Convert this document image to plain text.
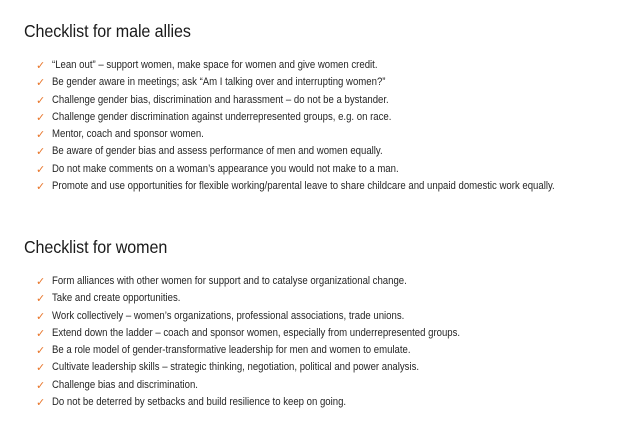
Checklist for male allies
✓ “Lean out” – support women, make space for women and give women credit.
✓ Be gender aware in meetings; ask “Am I talking over and interrupting women?”
✓ Challenge gender bias, discrimination and harassment – do not be a bystander.
✓ Challenge gender discrimination against underrepresented groups, e.g. on race.
✓ Mentor, coach and sponsor women.
✓ Be aware of gender bias and assess performance of men and women equally.
✓ Do not make comments on a woman’s appearance you would not make to a man.
✓ Promote and use opportunities for flexible working/parental leave to share childcare and unpaid domestic work equally.
Checklist for women
✓ Form alliances with other women for support and to catalyse organizational change.
✓ Take and create opportunities.
✓ Work collectively – women’s organizations, professional associations, trade unions.
✓ Extend down the ladder – coach and sponsor women, especially from underrepresented groups.
✓ Be a role model of gender-transformative leadership for men and women to emulate.
✓ Cultivate leadership skills – strategic thinking, negotiation, political and power analysis.
✓ Challenge bias and discrimination.
✓ Do not be deterred by setbacks and build resilience to keep on going.
